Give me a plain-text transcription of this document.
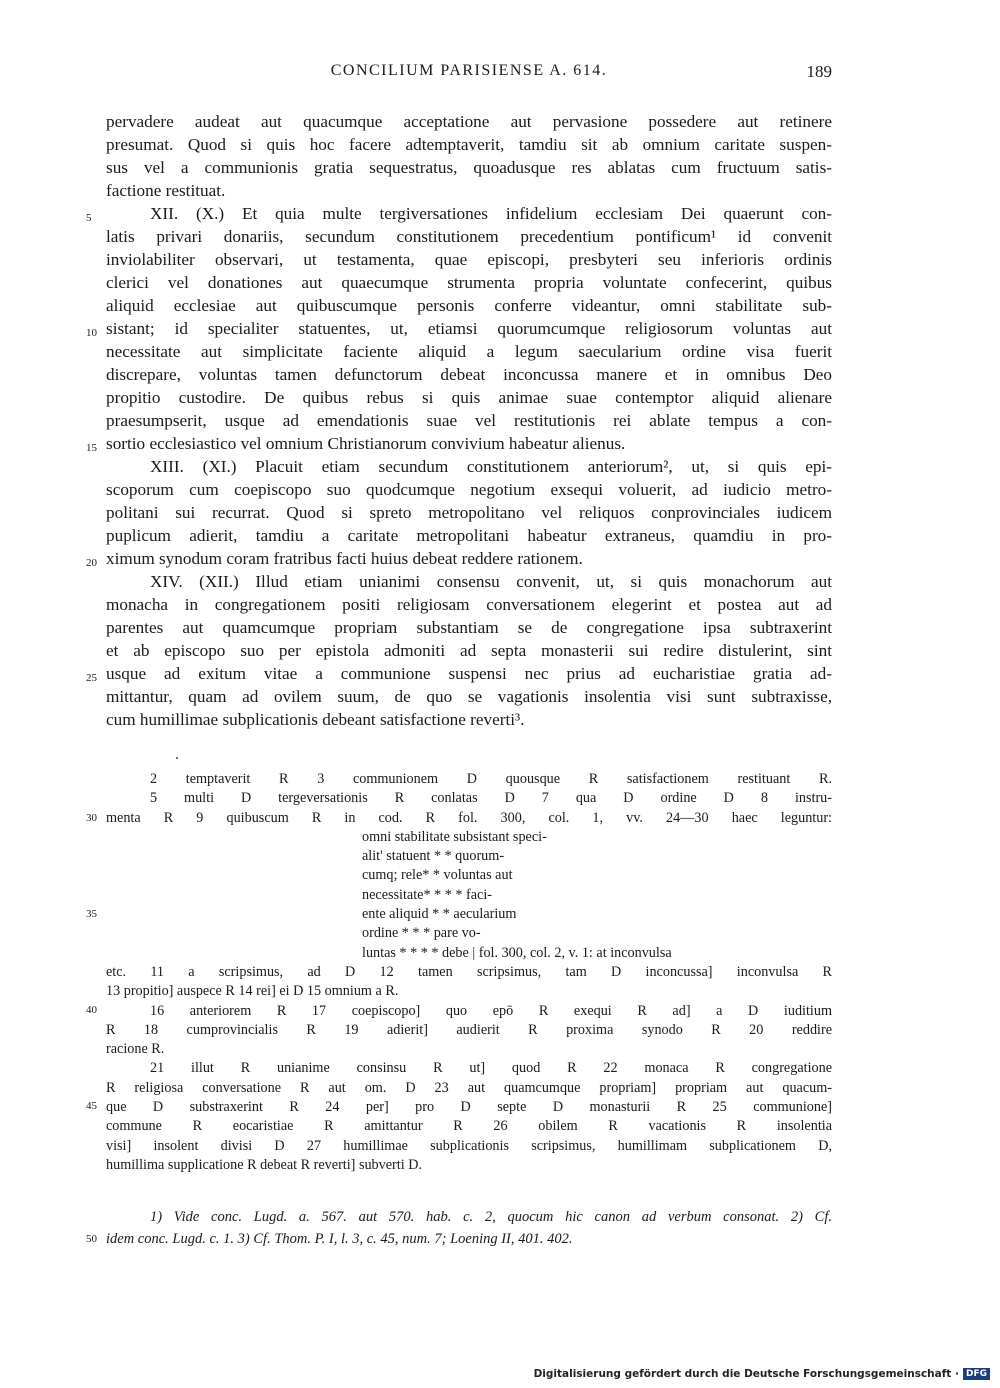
CONCILIUM PARISIENSE A. 614.	189
pervadere audeat aut quacumque acceptatione aut pervasione possedere aut retinere
presumat. Quod si quis hoc facere adtemptaverit, tamdiu sit ab omnium caritate suspen-
sus vel a communionis gratia sequestratus, quoadusque res ablatas cum fructuum satis-
factione restituat.
XII. (X.) Et quia multe tergiversationes infidelium ecclesiam Dei quaerunt con-
latis privari donariis, secundum constitutionem precedentium pontificum¹ id convenit
inviolabiliter observari, ut testamenta, quae episcopi, presbyteri seu inferioris ordinis
clerici vel donationes aut quaecumque strumenta propria voluntate confecerint, quibus
aliquid ecclesiae aut quibuscumque personis conferre videantur, omni stabilitate sub-
sistant; id specialiter statuentes, ut, etiamsi quorumcumque religiosorum voluntas aut
necessitate aut simplicitate faciente aliquid a legum saecularium ordine visa fuerit
discrepare, voluntas tamen defunctorum debeat inconcussa manere et in omnibus Deo
propitio custodire. De quibus rebus si quis animae suae contemptor aliquid alienare
praesumpserit, usque ad emendationis suae vel restitutionis rei ablate tempus a con-
sortio ecclesiastico vel omnium Christianorum convivium habeatur alienus.
XIII. (XI.) Placuit etiam secundum constitutionem anteriorum², ut, si quis epi-
scoporum cum coepiscopo suo quodcumque negotium exsequi voluerit, ad iudicio metro-
politani sui recurrat. Quod si spreto metropolitano vel reliquos conprovinciales iudicem
puplicum adierit, tamdiu a caritate metropolitani habeatur extraneus, quamdiu in pro-
ximum synodum coram fratribus facti huius debeat reddere rationem.
XIV. (XII.) Illud etiam unianimi consensu convenit, ut, si quis monachorum aut
monacha in congregationem positi religiosam conversationem elegerint et postea aut ad
parentes aut quamcumque propriam substantiam se de congregatione ipsa subtraxerint
et ab episcopo suo per epistola admoniti ad septa monasterii sui redire distulerint, sint
usque ad exitum vitae a communione suspensi nec prius ad eucharistiae gratia ad-
mittantur, quam ad ovilem suum, de quo se vagationis insolentia visi sunt subtraxisse,
cum humillimae subplicationis debeant satisfactione reverti³.
5
10
15
20
25
2 temptaverit R 3 communionem D quousque R satisfactionem restituant R.
5 multi D tergeversationis R conlatas D 7 qua D ordine D 8 instru-
menta R 9 quibuscum R in cod. R fol. 300, col. 1, vv. 24—30 haec leguntur:
omni stabilitate subsistant speci-
alit' statuent * * quorum-
cumq; rele* * voluntas aut
necessitate* * * * faci-
ente aliquid * * aecularium
ordine * * * pare vo-
luntas * * * * debe | fol. 300, col. 2, v. 1: at inconvulsa
etc. 11 a scripsimus, ad D 12 tamen scripsimus, tam D inconcussa] inconvulsa R
13 propitio] auspece R 14 rei] ei D 15 omnium a R.
16 anteriorem R 17 coepiscopo] quo epō R exequi R ad] a D iuditium
R 18 cumprovincialis R 19 adierit] audierit R proxima synodo R 20 reddire
racione R.
21 illut R unianime consinsu R ut] quod R 22 monaca R congregatione
R religiosa conversatione R aut om. D 23 aut quamcumque propriam] propriam aut quacum-
que D substraxerint R 24 per] pro D septe D monasturii R 25 communione]
commune R eocaristiae R amittantur R 26 obilem R vacationis R insolentia
visi] insolent divisi D 27 humillimae subplicationis scripsimus, humillimam subplicationem D,
humillima supplicatione R debeat R reverti] subverti D.
30
35
40
45
1) Vide conc. Lugd. a. 567. aut 570. hab. c. 2, quocum hic canon ad verbum consonat. 2) Cf.
idem conc. Lugd. c. 1. 3) Cf. Thom. P. I, l. 3, c. 45, num. 7; Loening II, 401. 402.
50
Digitalisierung gefördert durch die Deutsche Forschungsgemeinschaft · DFG
